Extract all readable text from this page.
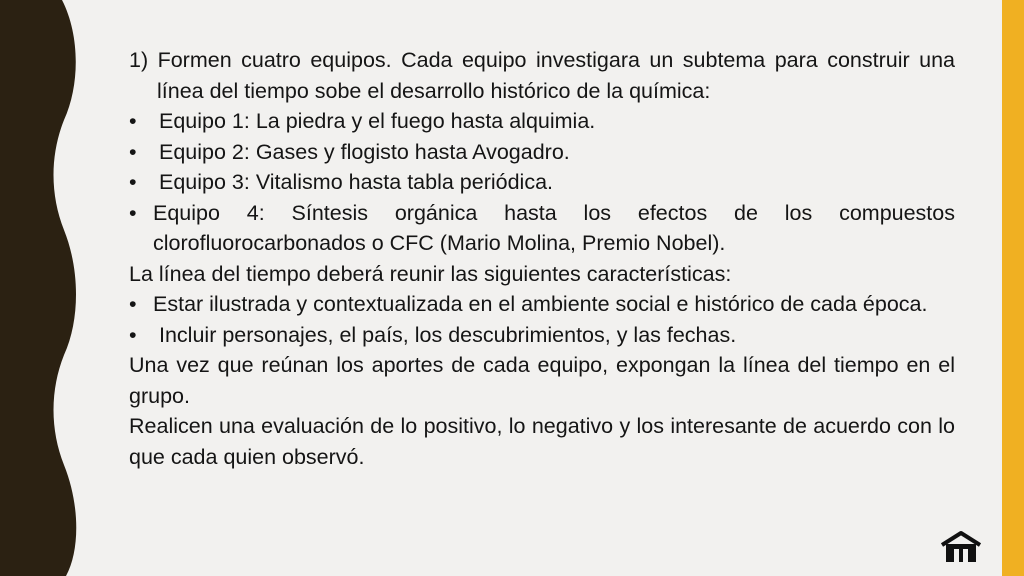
1) Formen cuatro equipos. Cada equipo investigara un subtema para construir una línea del tiempo sobe el desarrollo histórico de la química:

• Equipo 1: La piedra y el fuego hasta alquimia.
• Equipo 2: Gases y flogisto hasta Avogadro.
• Equipo 3: Vitalismo hasta tabla periódica.
• Equipo 4: Síntesis orgánica hasta los efectos de los compuestos clorofluorocarbonados o CFC (Mario Molina, Premio Nobel).

La línea del tiempo deberá reunir las siguientes características:

• Estar ilustrada y contextualizada en el ambiente social e histórico de cada época.
• Incluir personajes, el país, los descubrimientos, y las fechas.

Una vez que reúnan los aportes de cada equipo, expongan la línea del tiempo en el grupo.

Realicen una evaluación de lo positivo, lo negativo y los interesante de acuerdo con lo que cada quien observó.
